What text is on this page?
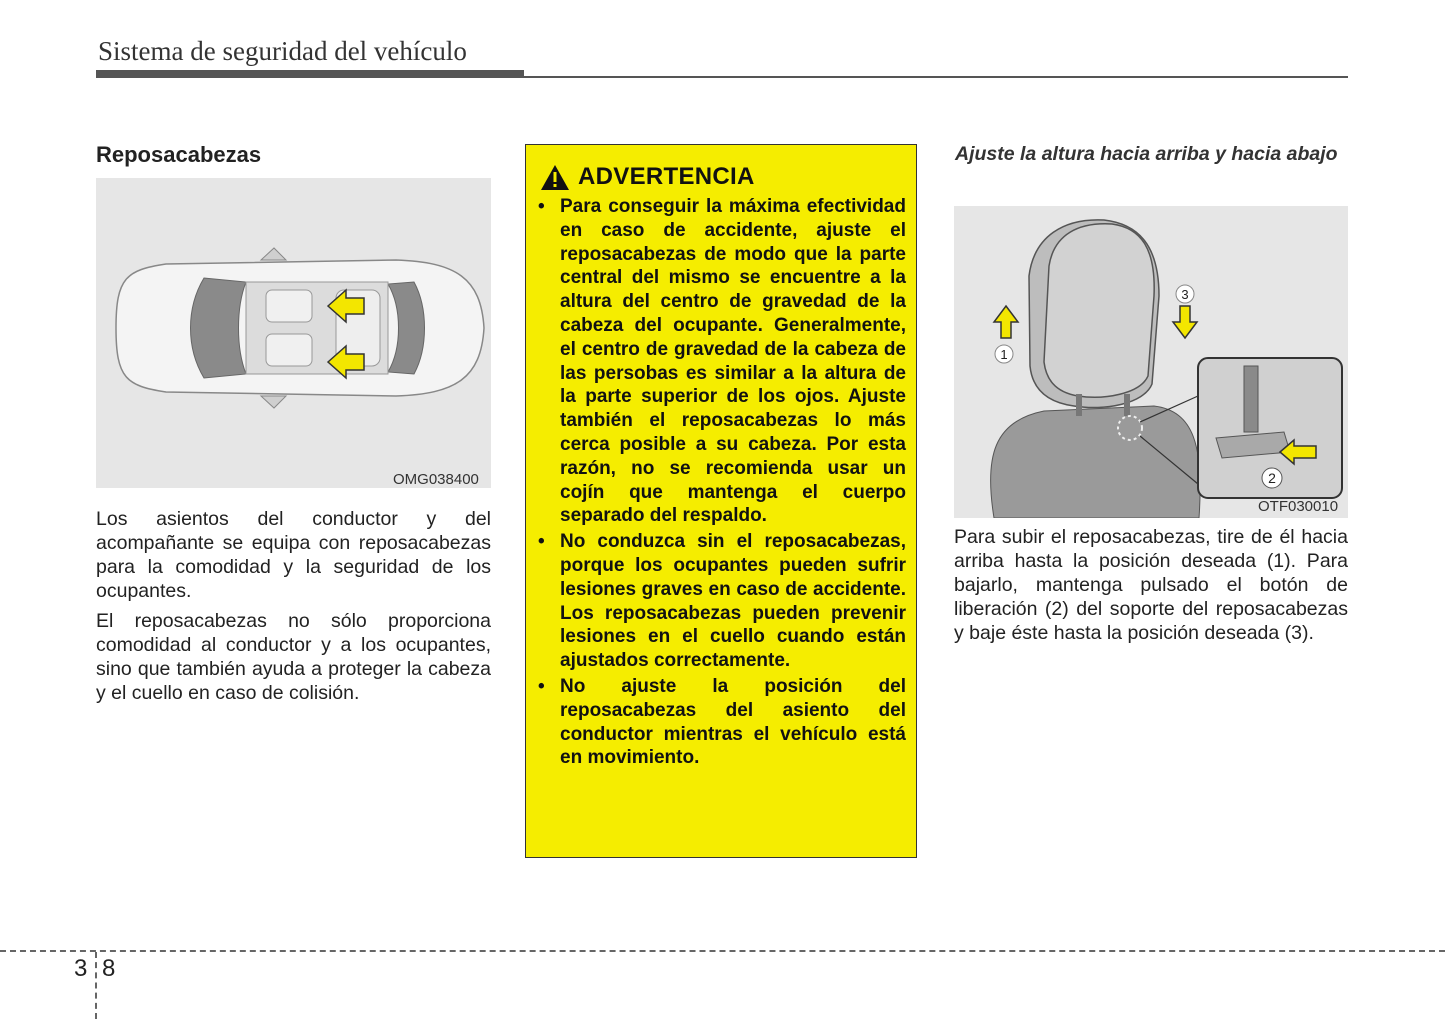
Sistema de seguridad del vehículo
Reposacabezas
OMG038400

Los asientos del conductor y del acompañante se equipa con reposacabezas para la comodidad y la seguridad de los ocupantes.

El reposacabezas no sólo proporciona comodidad al conductor y a los ocupantes, sino que también ayuda a proteger la cabeza y el cuello en caso de colisión.

ADVERTENCIA
• Para conseguir la máxima efectividad en caso de accidente, ajuste el reposacabezas de modo que la parte central del mismo se encuentre a la altura del centro de gravedad de la cabeza del ocupante. Generalmente, el centro de gravedad de la cabeza de las persobas es similar a la altura de la parte superior de los ojos. Ajuste también el reposacabezas lo más cerca posible a su cabeza. Por esta razón, no se recomienda usar un cojín que mantenga el cuerpo separado del respaldo.
• No conduzca sin el reposacabezas, porque los ocupantes pueden sufrir lesiones graves en caso de accidente. Los reposacabezas pueden prevenir lesiones en el cuello cuando están ajustados correctamente.
• No ajuste la posición del reposacabezas del asiento del conductor mientras el vehículo está en movimiento.
Ajuste la altura hacia arriba y hacia abajo
1
3
2
OTF030010

Para subir el reposacabezas, tire de él hacia arriba hasta la posición deseada (1). Para bajarlo, mantenga pulsado el botón de liberación (2) del soporte del reposacabezas y baje éste hasta la posición deseada (3).

3 8
